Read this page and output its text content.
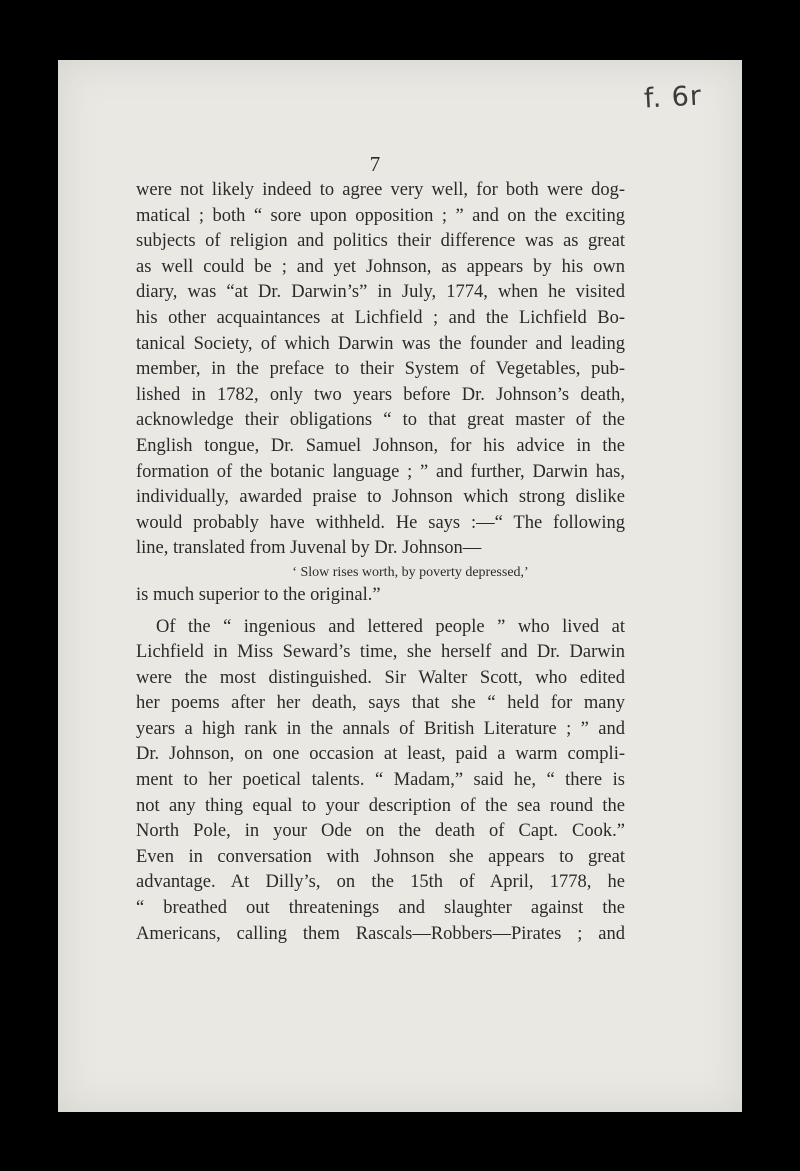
f. 6r
7
were not likely indeed to agree very well, for both were dog-
matical ; both “ sore upon opposition ; ” and on the exciting
subjects of religion and politics their difference was as great
as well could be ; and yet Johnson, as appears by his own
diary, was “at Dr. Darwin’s” in July, 1774, when he visited
his other acquaintances at Lichfield ; and the Lichfield Bo-
tanical Society, of which Darwin was the founder and leading
member, in the preface to their System of Vegetables, pub-
lished in 1782, only two years before Dr. Johnson’s death,
acknowledge their obligations “ to that great master of the
English tongue, Dr. Samuel Johnson, for his advice in the
formation of the botanic language ; ” and further, Darwin has,
individually, awarded praise to Johnson which strong dislike
would probably have withheld. He says :—“ The following
line, translated from Juvenal by Dr. Johnson—
‘ Slow rises worth, by poverty depressed,’
is much superior to the original.”
Of the “ ingenious and lettered people ” who lived at
Lichfield in Miss Seward’s time, she herself and Dr. Darwin
were the most distinguished. Sir Walter Scott, who edited
her poems after her death, says that she “ held for many
years a high rank in the annals of British Literature ; ” and
Dr. Johnson, on one occasion at least, paid a warm compli-
ment to her poetical talents. “ Madam,” said he, “ there is
not any thing equal to your description of the sea round the
North Pole, in your Ode on the death of Capt. Cook.”
Even in conversation with Johnson she appears to great
advantage. At Dilly’s, on the 15th of April, 1778, he
“ breathed out threatenings and slaughter against the
Americans, calling them Rascals—Robbers—Pirates ; and
